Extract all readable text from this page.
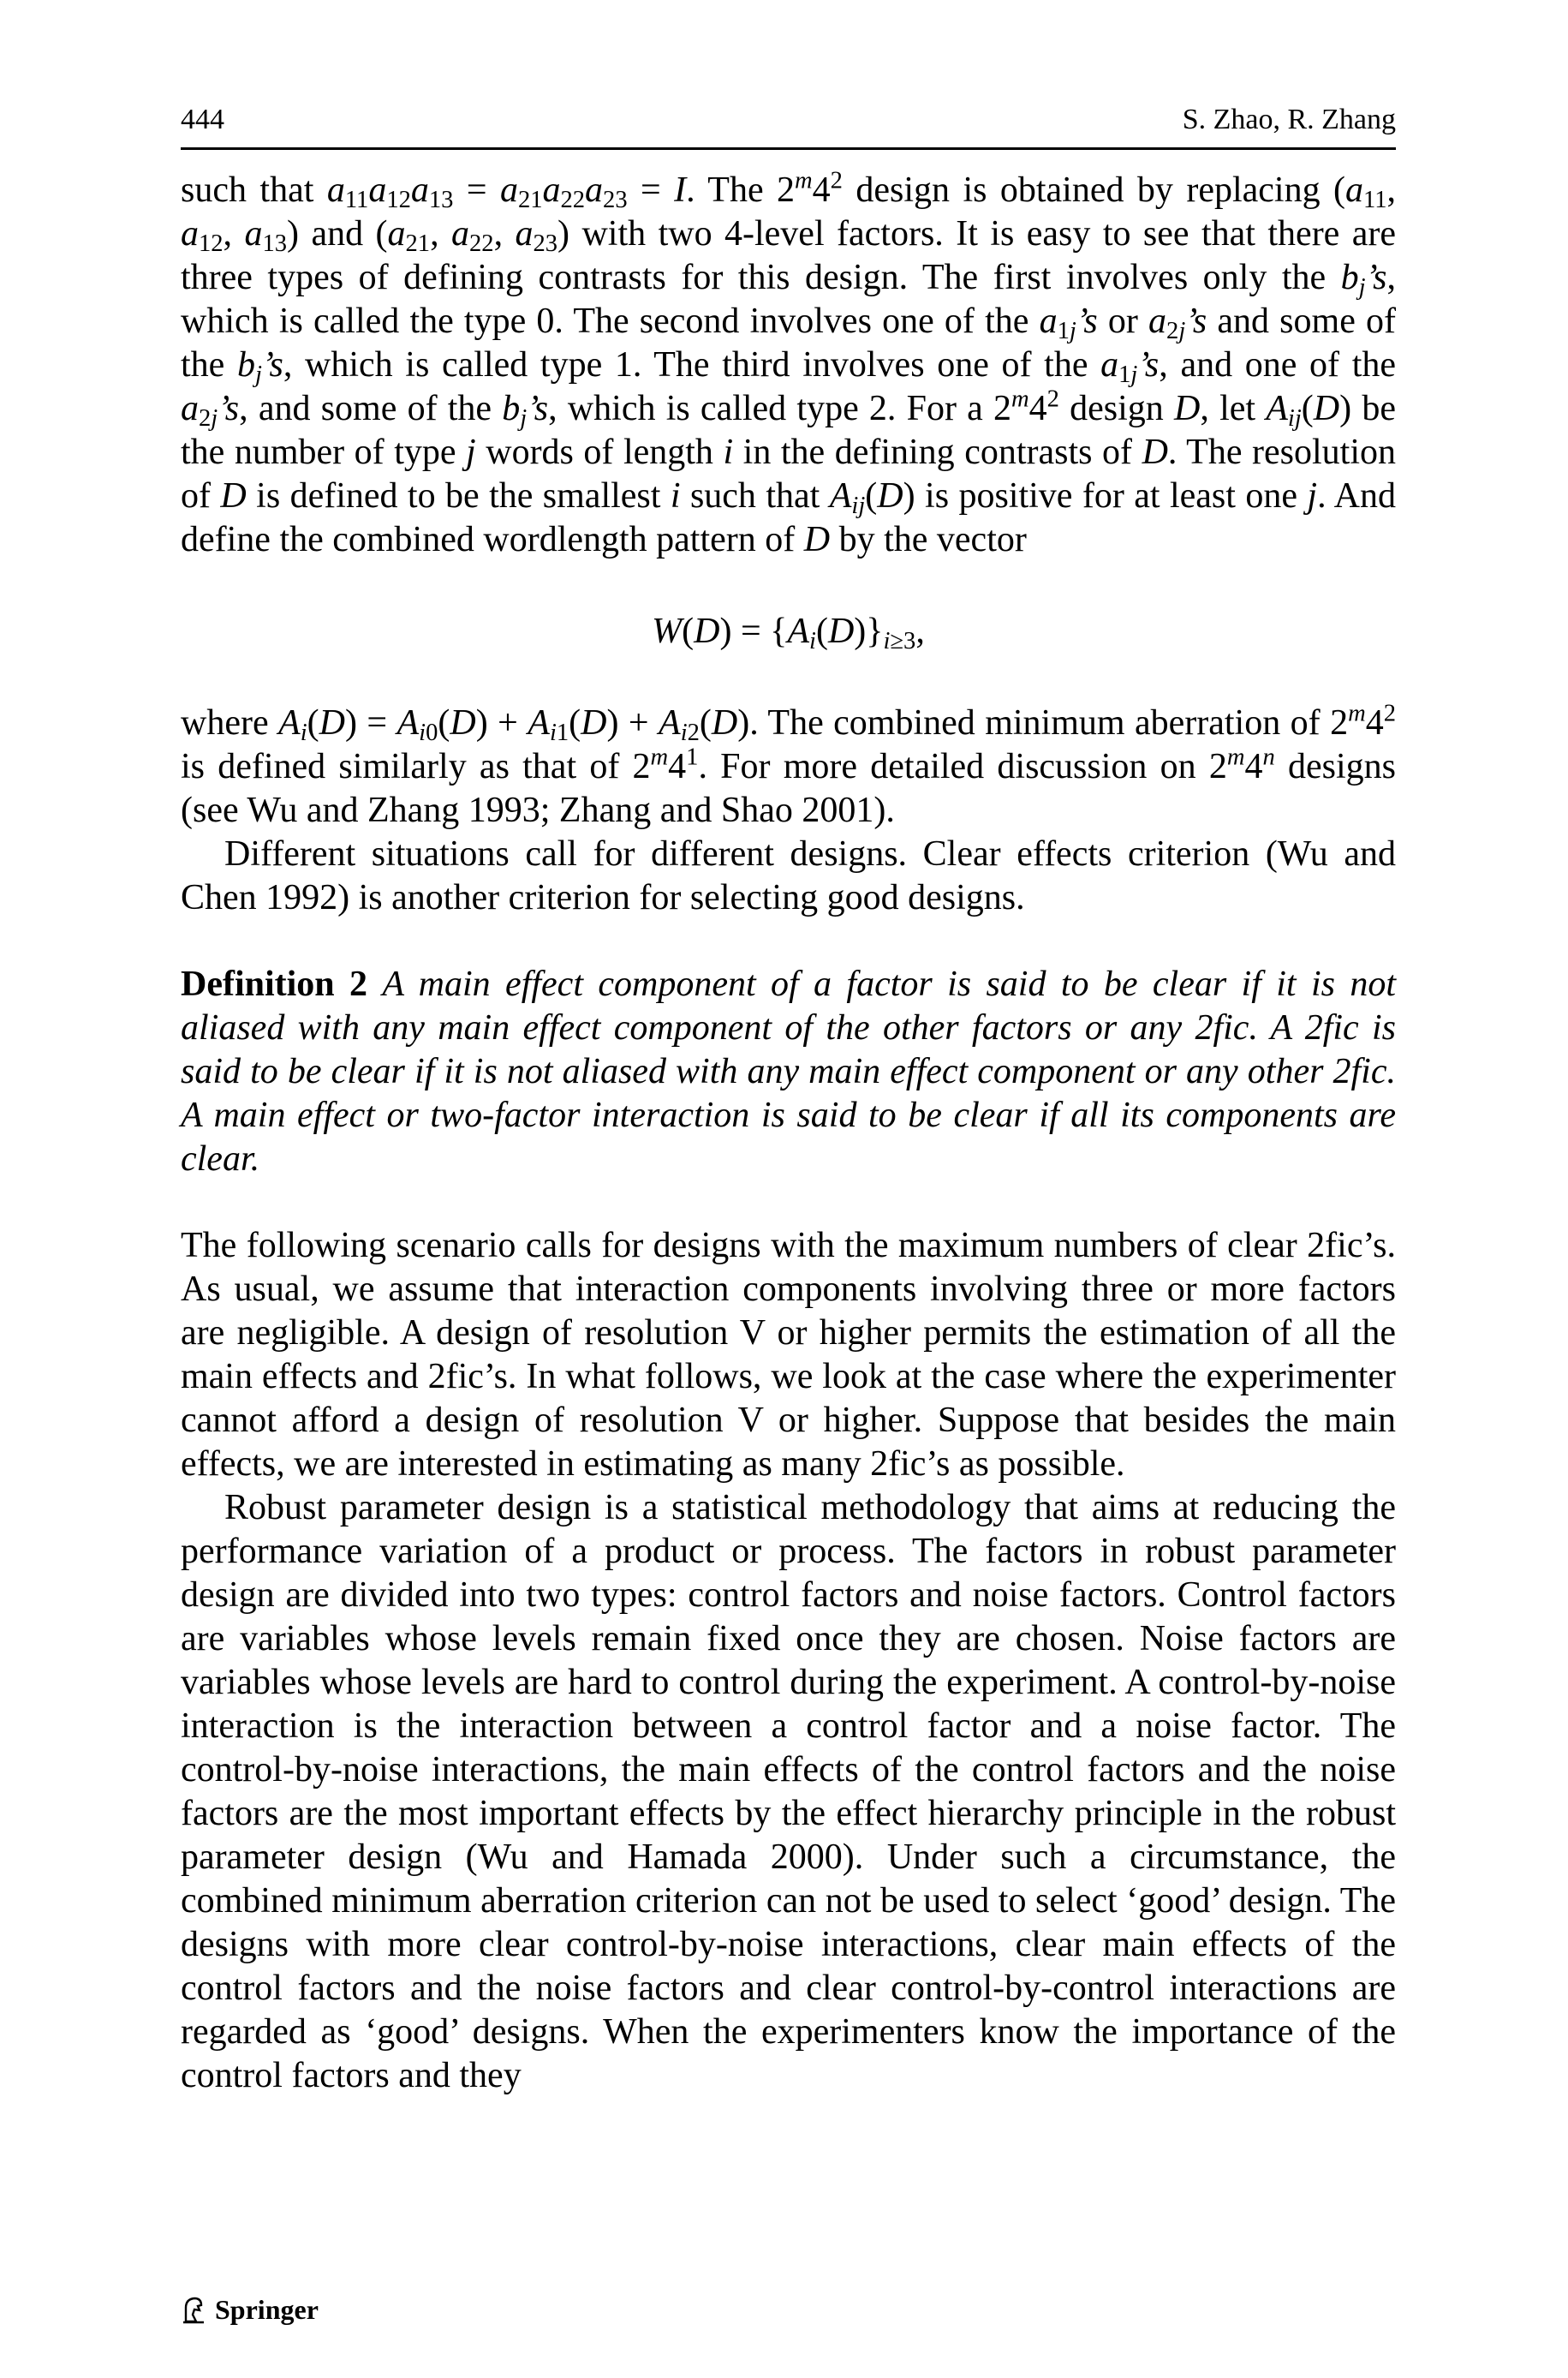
444	S. Zhao, R. Zhang

such that $a_{11}a_{12}a_{13} = a_{21}a_{22}a_{23} = I$. The $2^m4^2$ design is obtained by replacing ($a_{11}$, $a_{12}$, $a_{13}$) and ($a_{21}$, $a_{22}$, $a_{23}$) with two 4-level factors. It is easy to see that there are three types of defining contrasts for this design. The first involves only the $b_j’s$, which is called the type 0. The second involves one of the $a_{1j}’s$ or $a_{2j}’s$ and some of the $b_j’s$, which is called type 1. The third involves one of the $a_{1j}’s$, and one of the $a_{2j}’s$, and some of the $b_j’s$, which is called type 2. For a $2^m4^2$ design D, let $A_{ij}(D)$ be the number of type j words of length i in the defining contrasts of D. The resolution of D is defined to be the smallest i such that $A_{ij}(D)$ is positive for at least one j. And define the combined wordlength pattern of D by the vector

$W(D) = \{A_i(D)\}_{i\ge 3}$,

where $A_i(D) = A_{i0}(D) + A_{i1}(D) + A_{i2}(D)$. The combined minimum aberration of $2^m4^2$ is defined similarly as that of $2^m4^1$. For more detailed discussion on 2$^m$4$^n$ designs (see Wu and Zhang 1993; Zhang and Shao 2001).

Different situations call for different designs. Clear effects criterion (Wu and Chen 1992) is another criterion for selecting good designs.

Definition 2 A main effect component of a factor is said to be clear if it is not aliased with any main effect component of the other factors or any 2fic. A 2fic is said to be clear if it is not aliased with any main effect component or any other 2fic. A main effect or two-factor interaction is said to be clear if all its components are clear.

The following scenario calls for designs with the maximum numbers of clear 2fic’s. As usual, we assume that interaction components involving three or more factors are negligible. A design of resolution V or higher permits the estimation of all the main effects and 2fic’s. In what follows, we look at the case where the experimenter cannot afford a design of resolution V or higher. Suppose that besides the main effects, we are interested in estimating as many 2fic’s as possible.

Robust parameter design is a statistical methodology that aims at reducing the performance variation of a product or process. The factors in robust parameter design are divided into two types: control factors and noise factors. Control factors are variables whose levels remain fixed once they are chosen. Noise factors are variables whose levels are hard to control during the experiment. A control-by-noise interaction is the interaction between a control factor and a noise factor. The control-by-noise interactions, the main effects of the control factors and the noise factors are the most important effects by the effect hierarchy principle in the robust parameter design (Wu and Hamada 2000). Under such a circumstance, the combined minimum aberration criterion can not be used to select ‘good’ design. The designs with more clear control-by-noise interactions, clear main effects of the control factors and the noise factors and clear control-by-control interactions are regarded as ‘good’ designs. When the experimenters know the importance of the control factors and they

Springer
